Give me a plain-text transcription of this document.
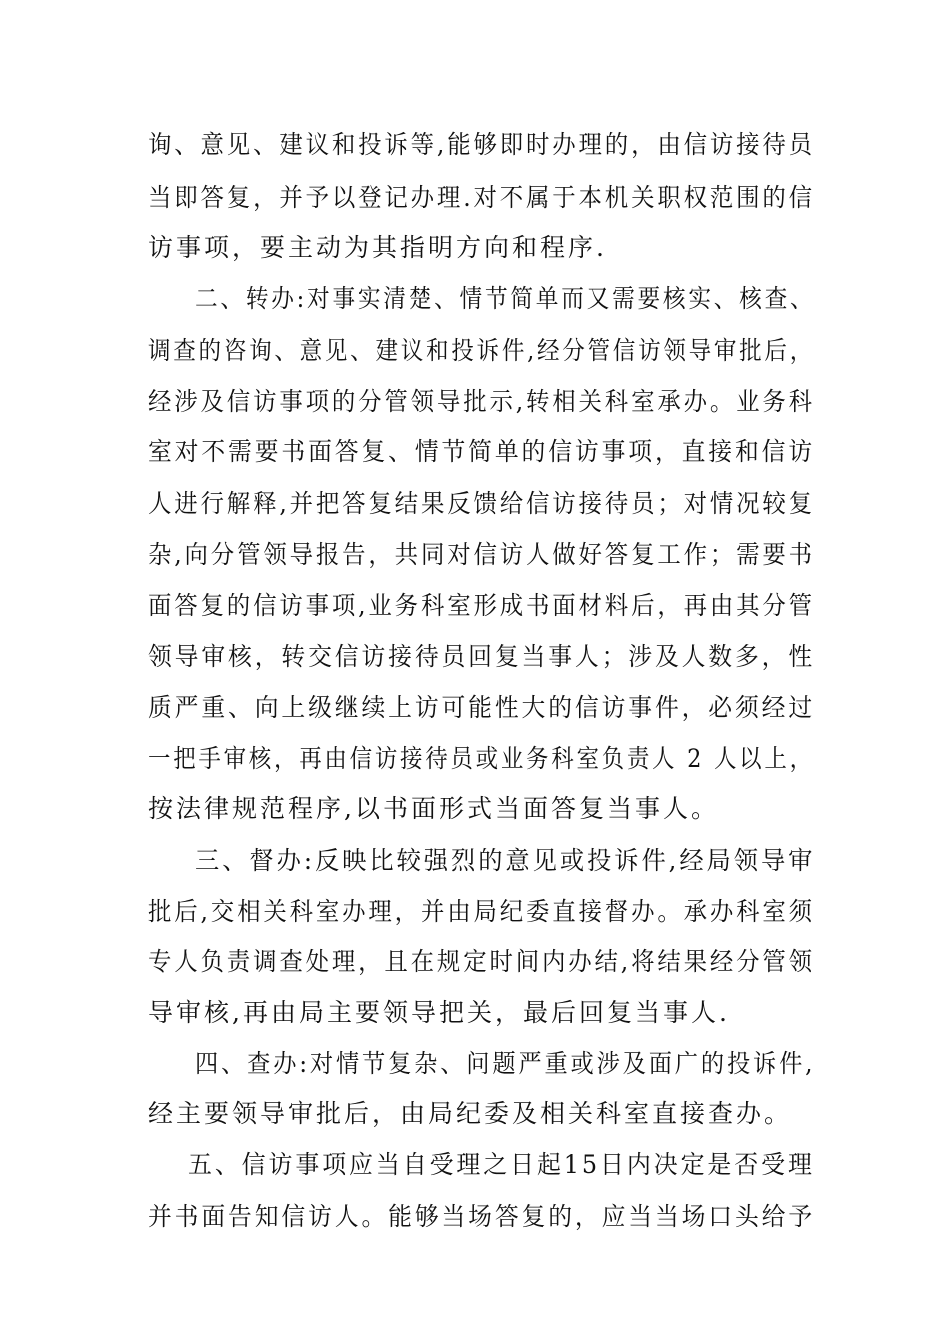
询、意见、建议和投诉等,能够即时办理的，由信访接待员
当即答复，并予以登记办理.对不属于本机关职权范围的信
访事项，要主动为其指明方向和程序.
二、转办:对事实清楚、情节简单而又需要核实、核查、
调查的咨询、意见、建议和投诉件,经分管信访领导审批后，
经涉及信访事项的分管领导批示,转相关科室承办。业务科
室对不需要书面答复、情节简单的信访事项，直接和信访
人进行解释,并把答复结果反馈给信访接待员；对情况较复
杂,向分管领导报告，共同对信访人做好答复工作；需要书
面答复的信访事项,业务科室形成书面材料后，再由其分管
领导审核，转交信访接待员回复当事人；涉及人数多，性
质严重、向上级继续上访可能性大的信访事件，必须经过
一把手审核，再由信访接待员或业务科室负责人 2 人以上，
按法律规范程序,以书面形式当面答复当事人。
三、督办:反映比较强烈的意见或投诉件,经局领导审
批后,交相关科室办理，并由局纪委直接督办。承办科室须
专人负责调查处理，且在规定时间内办结,将结果经分管领
导审核,再由局主要领导把关，最后回复当事人.
四、查办:对情节复杂、问题严重或涉及面广的投诉件,
经主要领导审批后，由局纪委及相关科室直接查办。
五、信访事项应当自受理之日起15日内决定是否受理
并书面告知信访人。能够当场答复的，应当当场口头给予
